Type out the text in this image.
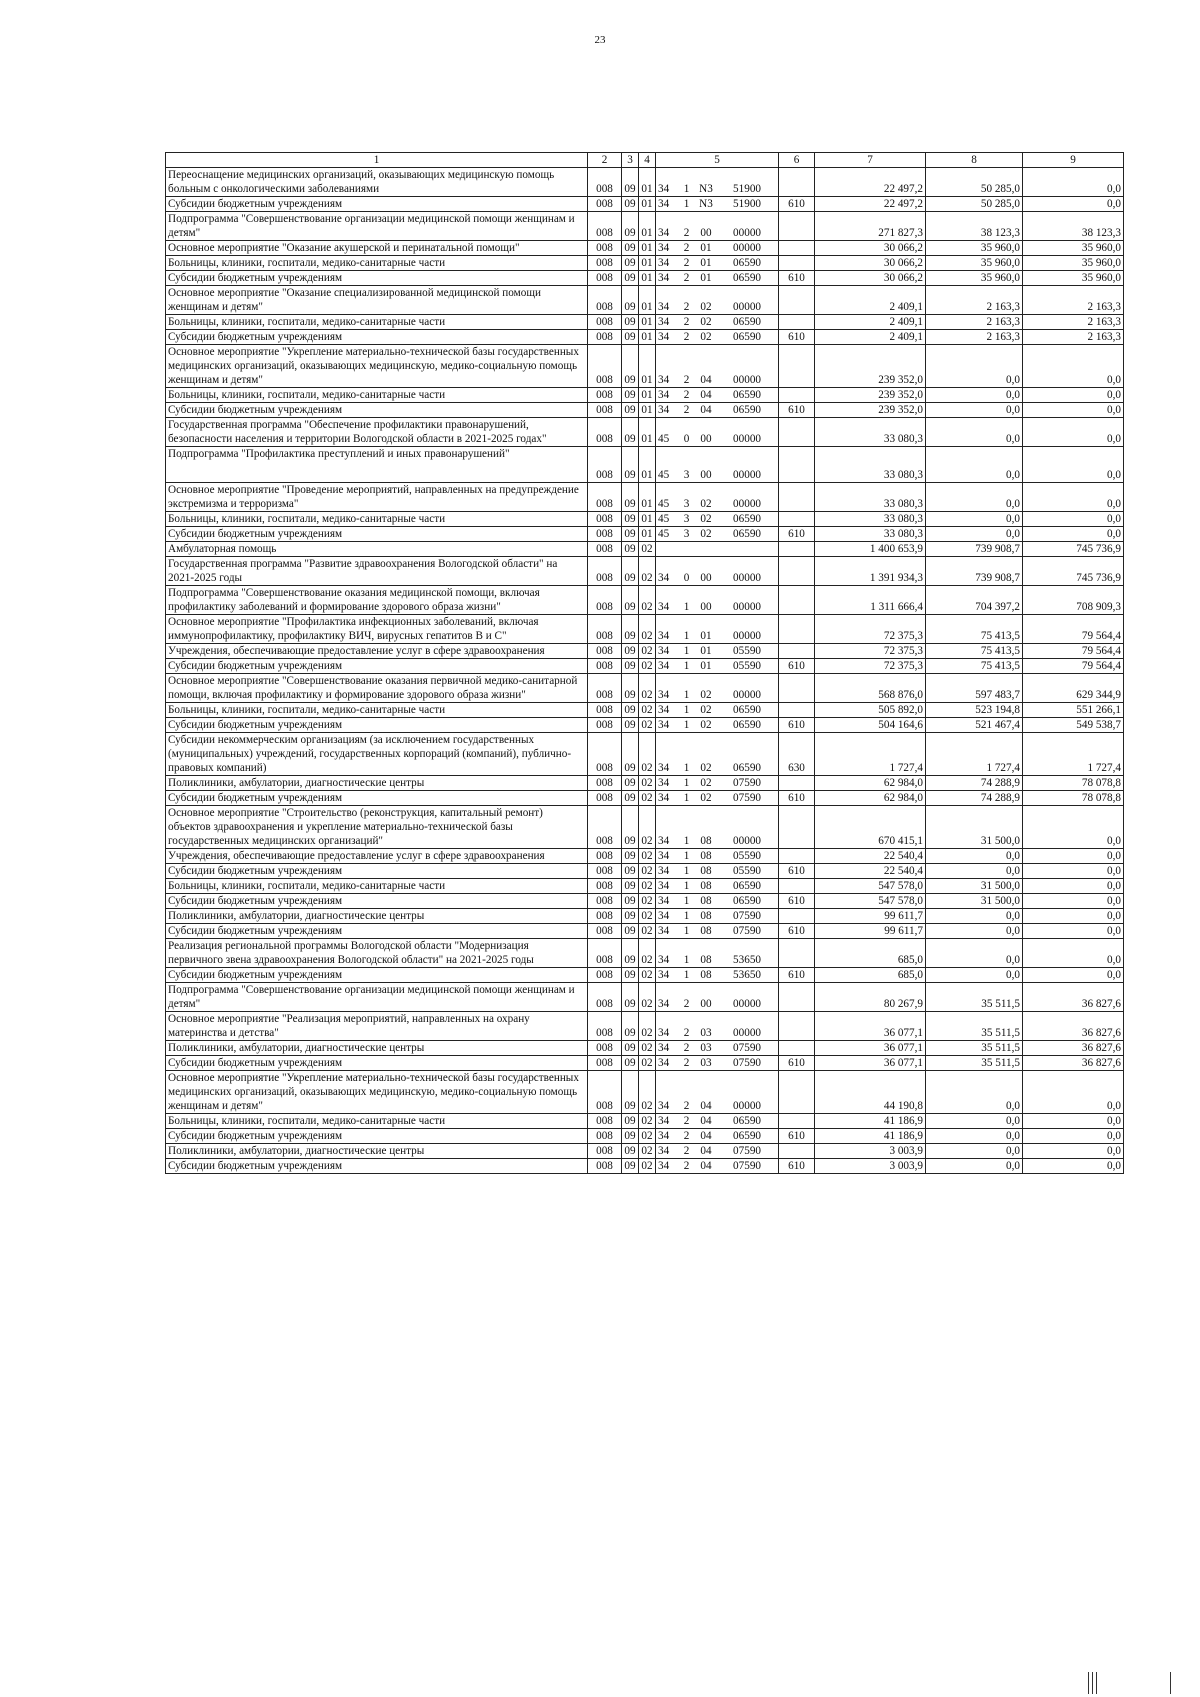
23
1	2	3	4	5	6	7	8	9
Переоснащение медицинских организаций, оказывающих медицинскую помощь больным с онкологическими заболеваниями	008	09	01	34 1 N3 51900		22 497,2	50 285,0	0,0
Субсидии бюджетным учреждениям	008	09	01	34 1 N3 51900	610	22 497,2	50 285,0	0,0
Подпрограмма "Совершенствование организации медицинской помощи женщинам и детям"	008	09	01	34 2 00 00000		271 827,3	38 123,3	38 123,3
Основное мероприятие "Оказание акушерской и перинатальной помощи"	008	09	01	34 2 01 00000		30 066,2	35 960,0	35 960,0
Больницы, клиники, госпитали, медико-санитарные части	008	09	01	34 2 01 06590		30 066,2	35 960,0	35 960,0
Субсидии бюджетным учреждениям	008	09	01	34 2 01 06590	610	30 066,2	35 960,0	35 960,0
Основное мероприятие "Оказание специализированной медицинской помощи женщинам и детям"	008	09	01	34 2 02 00000		2 409,1	2 163,3	2 163,3
Больницы, клиники, госпитали, медико-санитарные части	008	09	01	34 2 02 06590		2 409,1	2 163,3	2 163,3
Субсидии бюджетным учреждениям	008	09	01	34 2 02 06590	610	2 409,1	2 163,3	2 163,3
Основное мероприятие "Укрепление материально-технической базы государственных медицинских организаций, оказывающих медицинскую, медико-социальную помощь женщинам и детям"	008	09	01	34 2 04 00000		239 352,0	0,0	0,0
Больницы, клиники, госпитали, медико-санитарные части	008	09	01	34 2 04 06590		239 352,0	0,0	0,0
Субсидии бюджетным учреждениям	008	09	01	34 2 04 06590	610	239 352,0	0,0	0,0
Государственная программа "Обеспечение профилактики правонарушений, безопасности населения и территории Вологодской области в 2021-2025 годах"	008	09	01	45 0 00 00000		33 080,3	0,0	0,0
Подпрограмма "Профилактика преступлений и иных правонарушений"	008	09	01	45 3 00 00000		33 080,3	0,0	0,0
Основное мероприятие "Проведение мероприятий, направленных на предупреждение экстремизма и терроризма"	008	09	01	45 3 02 00000		33 080,3	0,0	0,0
Больницы, клиники, госпитали, медико-санитарные части	008	09	01	45 3 02 06590		33 080,3	0,0	0,0
Субсидии бюджетным учреждениям	008	09	01	45 3 02 06590	610	33 080,3	0,0	0,0
Амбулаторная помощь	008	09	02			1 400 653,9	739 908,7	745 736,9
Государственная программа "Развитие здравоохранения Вологодской области" на 2021-2025 годы	008	09	02	34 0 00 00000		1 391 934,3	739 908,7	745 736,9
Подпрограмма "Совершенствование оказания медицинской помощи, включая профилактику заболеваний и формирование здорового образа жизни"	008	09	02	34 1 00 00000		1 311 666,4	704 397,2	708 909,3
Основное мероприятие "Профилактика инфекционных заболеваний, включая иммунопрофилактику, профилактику ВИЧ, вирусных гепатитов В и С"	008	09	02	34 1 01 00000		72 375,3	75 413,5	79 564,4
Учреждения, обеспечивающие предоставление услуг в сфере здравоохранения	008	09	02	34 1 01 05590		72 375,3	75 413,5	79 564,4
Субсидии бюджетным учреждениям	008	09	02	34 1 01 05590	610	72 375,3	75 413,5	79 564,4
Основное мероприятие "Совершенствование оказания первичной медико-санитарной помощи, включая профилактику и формирование здорового образа жизни"	008	09	02	34 1 02 00000		568 876,0	597 483,7	629 344,9
Больницы, клиники, госпитали, медико-санитарные части	008	09	02	34 1 02 06590		505 892,0	523 194,8	551 266,1
Субсидии бюджетным учреждениям	008	09	02	34 1 02 06590	610	504 164,6	521 467,4	549 538,7
Субсидии некоммерческим организациям (за исключением государственных (муниципальных) учреждений, государственных корпораций (компаний), публично-правовых компаний)	008	09	02	34 1 02 06590	630	1 727,4	1 727,4	1 727,4
Поликлиники, амбулатории, диагностические центры	008	09	02	34 1 02 07590		62 984,0	74 288,9	78 078,8
Субсидии бюджетным учреждениям	008	09	02	34 1 02 07590	610	62 984,0	74 288,9	78 078,8
Основное мероприятие "Строительство (реконструкция, капитальный ремонт) объектов здравоохранения и укрепление материально-технической базы государственных медицинских организаций"	008	09	02	34 1 08 00000		670 415,1	31 500,0	0,0
Учреждения, обеспечивающие предоставление услуг в сфере здравоохранения	008	09	02	34 1 08 05590		22 540,4	0,0	0,0
Субсидии бюджетным учреждениям	008	09	02	34 1 08 05590	610	22 540,4	0,0	0,0
Больницы, клиники, госпитали, медико-санитарные части	008	09	02	34 1 08 06590		547 578,0	31 500,0	0,0
Субсидии бюджетным учреждениям	008	09	02	34 1 08 06590	610	547 578,0	31 500,0	0,0
Поликлиники, амбулатории, диагностические центры	008	09	02	34 1 08 07590		99 611,7	0,0	0,0
Субсидии бюджетным учреждениям	008	09	02	34 1 08 07590	610	99 611,7	0,0	0,0
Реализация региональной программы Вологодской области "Модернизация первичного звена здравоохранения Вологодской области" на 2021-2025 годы	008	09	02	34 1 08 53650		685,0	0,0	0,0
Субсидии бюджетным учреждениям	008	09	02	34 1 08 53650	610	685,0	0,0	0,0
Подпрограмма "Совершенствование организации медицинской помощи женщинам и детям"	008	09	02	34 2 00 00000		80 267,9	35 511,5	36 827,6
Основное мероприятие "Реализация мероприятий, направленных на охрану материнства и детства"	008	09	02	34 2 03 00000		36 077,1	35 511,5	36 827,6
Поликлиники, амбулатории, диагностические центры	008	09	02	34 2 03 07590		36 077,1	35 511,5	36 827,6
Субсидии бюджетным учреждениям	008	09	02	34 2 03 07590	610	36 077,1	35 511,5	36 827,6
Основное мероприятие "Укрепление материально-технической базы государственных медицинских организаций, оказывающих медицинскую, медико-социальную помощь женщинам и детям"	008	09	02	34 2 04 00000		44 190,8	0,0	0,0
Больницы, клиники, госпитали, медико-санитарные части	008	09	02	34 2 04 06590		41 186,9	0,0	0,0
Субсидии бюджетным учреждениям	008	09	02	34 2 04 06590	610	41 186,9	0,0	0,0
Поликлиники, амбулатории, диагностические центры	008	09	02	34 2 04 07590		3 003,9	0,0	0,0
Субсидии бюджетным учреждениям	008	09	02	34 2 04 07590	610	3 003,9	0,0	0,0
